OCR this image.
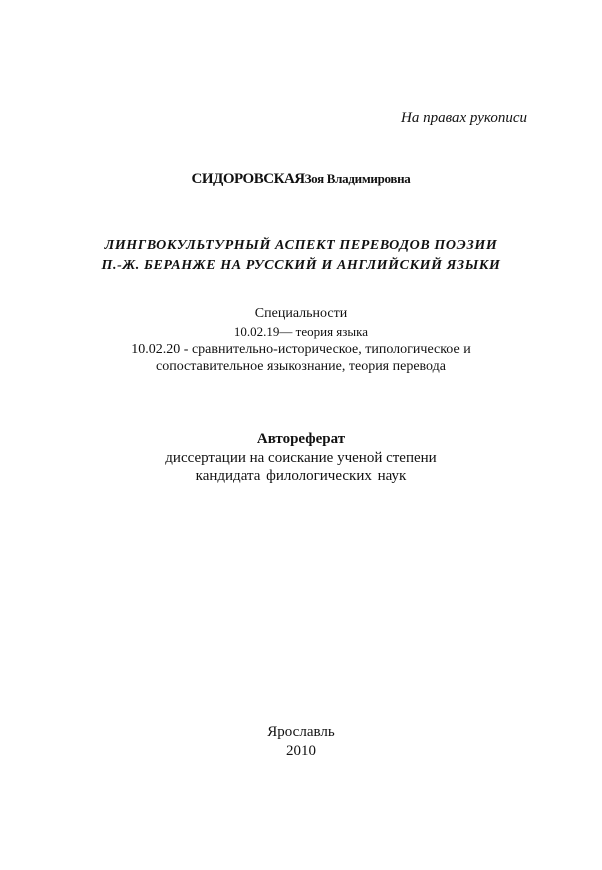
На правах рукописи
СИДОРОВСКАЯЗоя Владимировна
ЛИНГВОКУЛЬТУРНЫЙ АСПЕКТ ПЕРЕВОДОВ ПОЭЗИИ
П.-Ж. БЕРАНЖЕ НА РУССКИЙ И АНГЛИЙСКИЙ ЯЗЫКИ
Специальности
10.02.19— теория языка
10.02.20 - сравнительно-историческое, типологическое и
сопоставительное языкознание, теория перевода
Автореферат
диссертации на соискание ученой степени
кандидата филологических наук
Ярославль
2010
